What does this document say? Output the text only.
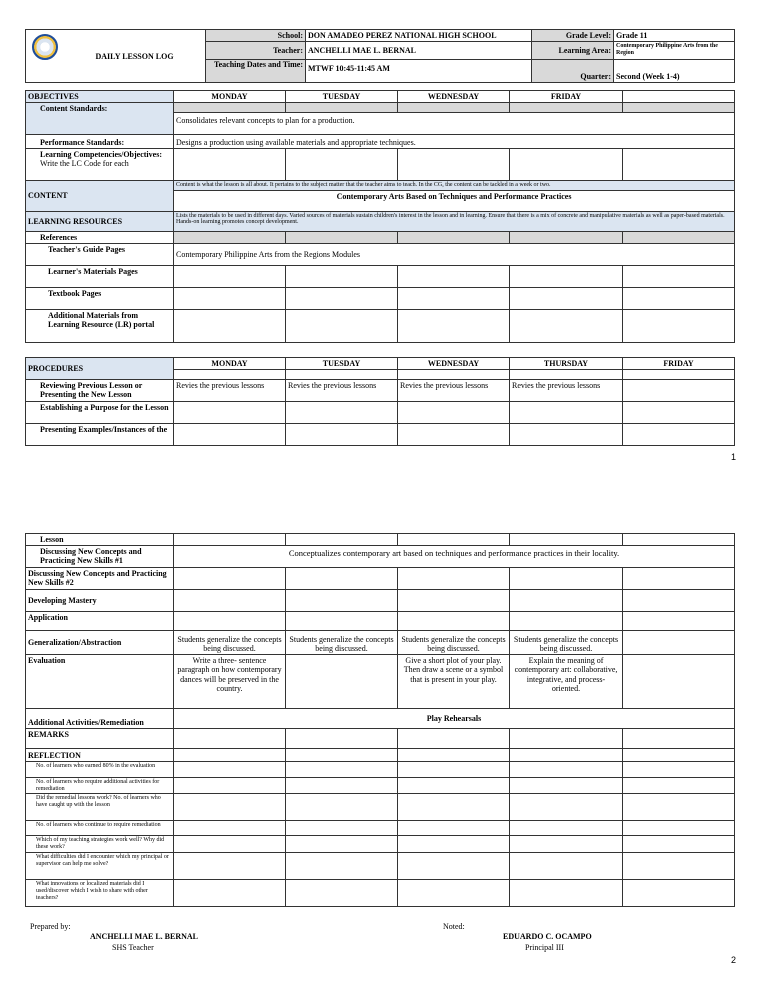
DAILY LESSON LOG	School:	DON AMADEO PEREZ NATIONAL HIGH SCHOOL	Grade Level:	Grade 11
	Teacher:	ANCHELLI MAE L. BERNAL	Learning Area:	Contemporary Philippine Arts from the Region
	Teaching Dates and Time:	MTWF 10:45-11:45 AM	Quarter:	Second (Week 1-4)
OBJECTIVES	MONDAY	TUESDAY	WEDNESDAY	FRIDAY	
Content Standards:					
	Consolidates relevant concepts to plan for a production.				
Performance Standards:	Designs a production using available materials and appropriate techniques.				

Learning Competencies/Objectives:
Write the LC Code for each					

CONTENT	Content is what the lesson is all about. It pertains to the subject matter that the teacher aims to teach. In the CG, the content can be tackled in a week or two.				
	Contemporary Arts Based on Techniques and Performance Practices				
LEARNING RESOURCES	Lists the materials to be used in different days. Varied sources of materials sustain children's interest in the lesson and in learning. Ensure that there is a mix of concrete and manipulative materials as well as paper-based materials. Hands-on learning promotes concept development.				
References					
Teacher's Guide Pages	Contemporary Philippine Arts from the Regions Modules				
Learner's Materials Pages					
Textbook Pages					
Additional Materials from Learning Resource (LR) portal					
PROCEDURES	MONDAY	TUESDAY	WEDNESDAY	THURSDAY	FRIDAY

Reviewing Previous Lesson or Presenting the New Lesson	Revies the previous lessons	Revies the previous lessons	Revies the previous lessons	Revies the previous lessons	
Establishing a Purpose for the Lesson					
Presenting Examples/Instances of the					
1
Lesson					
Discussing New Concepts and Practicing New Skills #1	Conceptualizes contemporary art based on techniques and performance practices in their locality.				
Discussing New Concepts and Practicing New Skills #2					
Developing Mastery					
Application					
Generalization/Abstraction	Students generalize the concepts being discussed.	Students generalize the concepts being discussed.	Students generalize the concepts being discussed.	Students generalize the concepts being discussed.	
Evaluation	Write a three- sentence paragraph on how contemporary dances will be preserved in the country.		Give a short plot of your play. Then draw a scene or a symbol that is present in your play.	Explain the meaning of contemporary art: collaborative, integrative, and process- oriented.	
Additional Activities/Remediation	Play Rehearsals				
REMARKS					
REFLECTION					
No. of learners who earned 80% in the evaluation					
No. of learners who require additional activities for remediation					
Did the remedial lessons work? No. of learners who have caught up with the lesson					
No. of learners who continue to require remediation					
Which of my teaching strategies work well? Why did these work?					
What difficulties did I encounter which my principal or supervisor can help me solve?					
What innovations or localized materials did I used/discover which I wish to share with other teachers?					
Prepared by:
ANCHELLI MAE L. BERNAL
SHS Teacher
Noted:
EDUARDO C. OCAMPO
Principal III
2
